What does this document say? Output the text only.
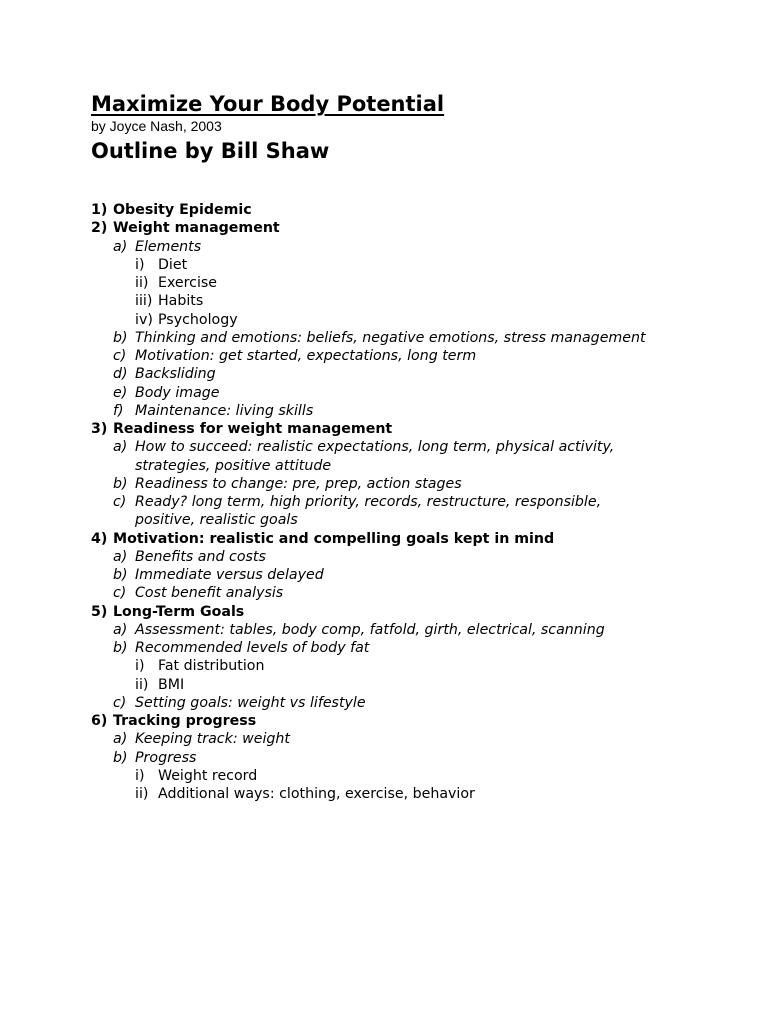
Maximize Your Body Potential

by Joyce Nash, 2003

Outline by Bill Shaw
1) Obesity Epidemic
2) Weight management
a) Elements
i) Diet
ii) Exercise
iii) Habits
iv) Psychology
b) Thinking and emotions: beliefs, negative emotions, stress management
c) Motivation: get started, expectations, long term
d) Backsliding
e) Body image
f) Maintenance: living skills
3) Readiness for weight management
a) How to succeed: realistic expectations, long term, physical activity, strategies, positive attitude
b) Readiness to change: pre, prep, action stages
c) Ready? long term, high priority, records, restructure, responsible, positive, realistic goals
4) Motivation: realistic and compelling goals kept in mind
a) Benefits and costs
b) Immediate versus delayed
c) Cost benefit analysis
5) Long-Term Goals
a) Assessment: tables, body comp, fatfold, girth, electrical, scanning
b) Recommended levels of body fat
i) Fat distribution
ii) BMI
c) Setting goals: weight vs lifestyle
6) Tracking progress
a) Keeping track: weight
b) Progress
i) Weight record
ii) Additional ways: clothing, exercise, behavior
